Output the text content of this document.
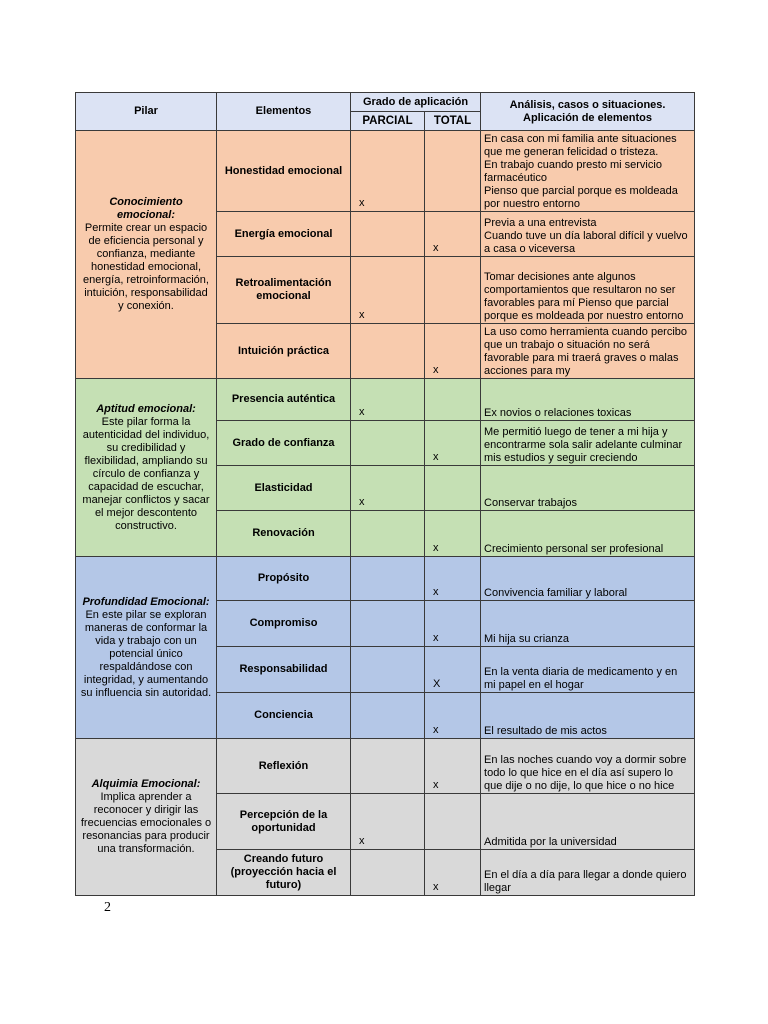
Pilar	Elementos	Grado de aplicación		Análisis, casos o situaciones.
Aplicación de elementos

		PARCIAL	TOTAL	

Conocimiento emocional:
Permite crear un espacio de eficiencia personal y confianza, mediante honestidad emocional, energía, retroinformación, intuición, responsabilidad y conexión.	Honestidad emocional	x		En casa con mi familia ante situaciones que me generan felicidad o tristeza.
En trabajo cuando presto mi servicio farmacéutico
Pienso que parcial porque es moldeada por nuestro entorno
	Energía emocional		x	Previa a una entrevista
Cuando tuve un día laboral difícil y vuelvo a casa o viceversa
	Retroalimentación emocional	x		Tomar decisiones ante algunos comportamientos que resultaron no ser favorables para mí Pienso que parcial porque es moldeada por nuestro entorno
	Intuición práctica		x	La uso como herramienta cuando percibo que un trabajo o situación no será favorable para mi traerá graves o malas acciones para my

Aptitud emocional:
Este pilar forma la autenticidad del individuo, su credibilidad y flexibilidad, ampliando su círculo de confianza y capacidad de escuchar, manejar conflictos y sacar el mejor descontento constructivo.	Presencia auténtica	x		Ex novios o relaciones toxicas
	Grado de confianza		x	Me permitió luego de tener a mi hija y encontrarme sola salir adelante culminar mis estudios y seguir creciendo
	Elasticidad	x		Conservar trabajos
	Renovación		x	Crecimiento personal ser profesional

Profundidad Emocional:
En este pilar se exploran maneras de conformar la vida y trabajo con un potencial único respaldándose con integridad, y aumentando su influencia sin autoridad.	Propósito		x	Convivencia familiar y laboral
	Compromiso		x	Mi hija su crianza
	Responsabilidad		X	En la venta diaria de medicamento y en mi papel en el hogar
	Conciencia		x	El resultado de mis actos

Alquimia Emocional:
Implica aprender a reconocer y dirigir las frecuencias emocionales o resonancias para producir una transformación.	Reflexión		x	En las noches cuando voy a dormir sobre todo lo que hice en el día así supero lo que dije o no dije, lo que hice o no hice
	Percepción de la oportunidad	x		Admitida por la universidad
	Creando futuro (proyección hacia el futuro)		x	En el día a día para llegar a donde quiero llegar
2
